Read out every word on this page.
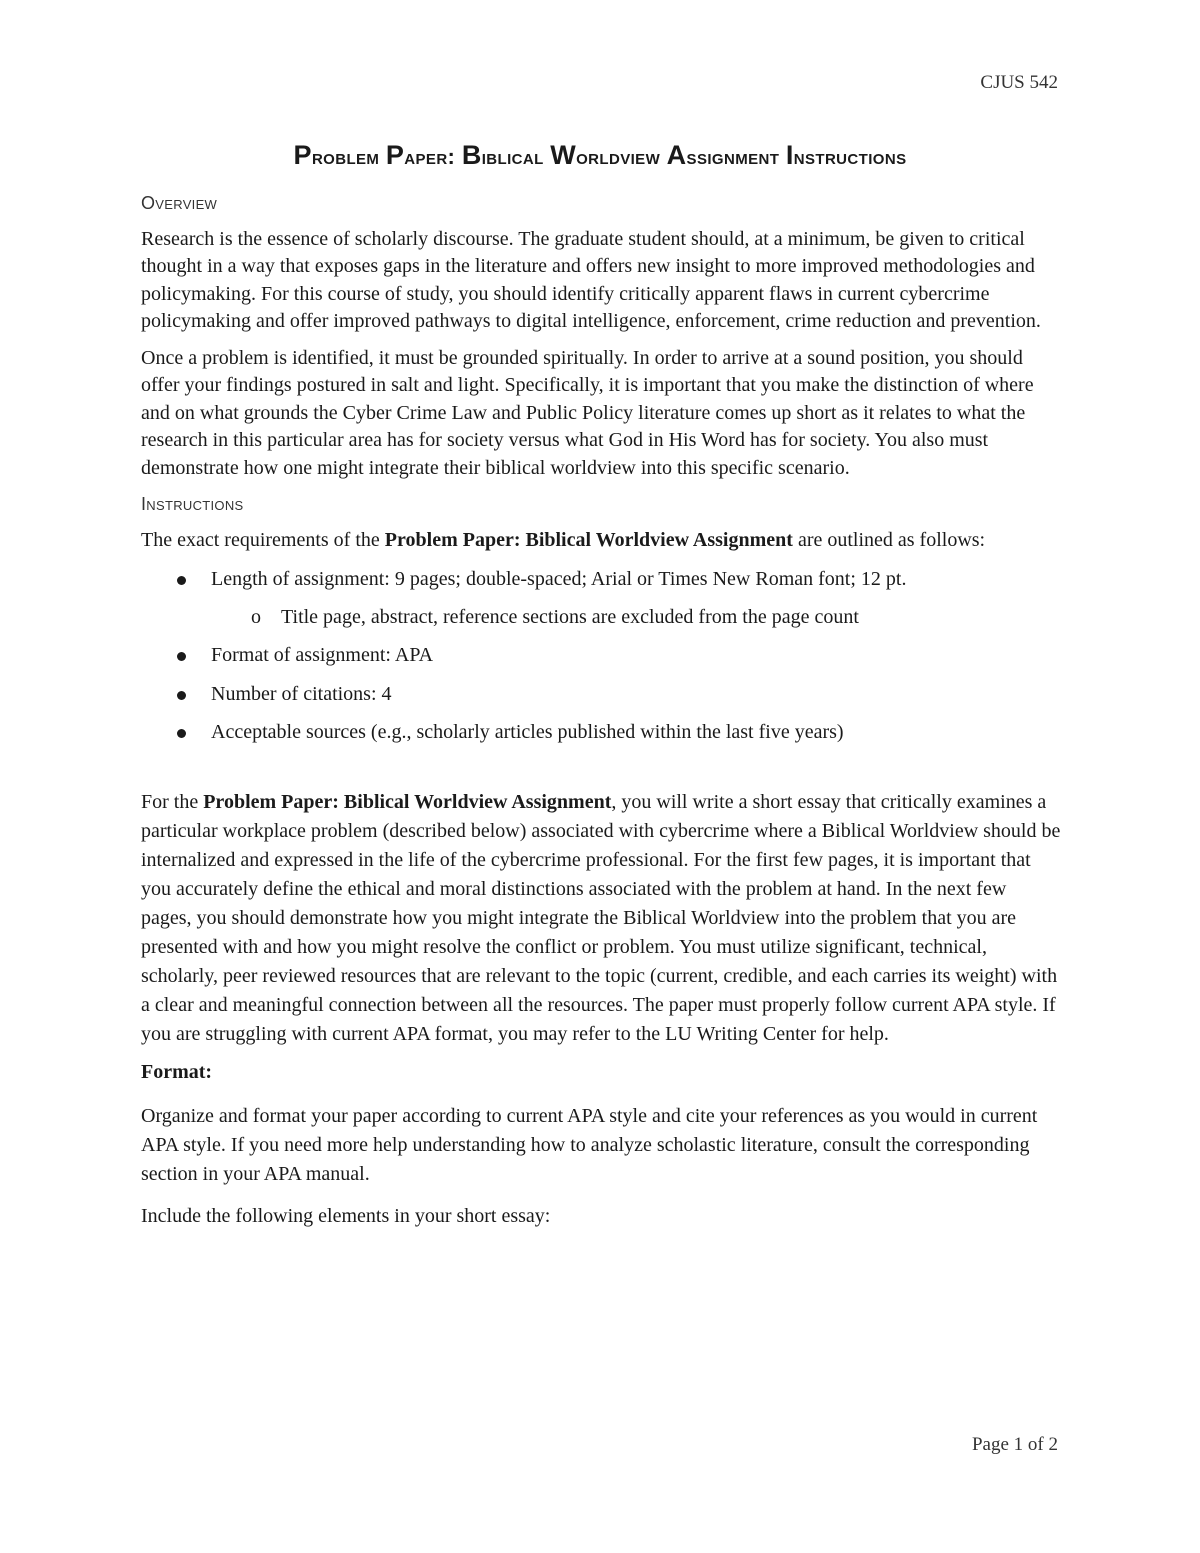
CJUS 542
Problem Paper: Biblical Worldview Assignment Instructions
Overview

Research is the essence of scholarly discourse. The graduate student should, at a minimum, be given to critical thought in a way that exposes gaps in the literature and offers new insight to more improved methodologies and policymaking. For this course of study, you should identify critically apparent flaws in current cybercrime policymaking and offer improved pathways to digital intelligence, enforcement, crime reduction and prevention.

Once a problem is identified, it must be grounded spiritually. In order to arrive at a sound position, you should offer your findings postured in salt and light. Specifically, it is important that you make the distinction of where and on what grounds the Cyber Crime Law and Public Policy literature comes up short as it relates to what the research in this particular area has for society versus what God in His Word has for society. You also must demonstrate how one might integrate their biblical worldview into this specific scenario.

Instructions

The exact requirements of the Problem Paper: Biblical Worldview Assignment are outlined as follows:

Length of assignment: 9 pages; double-spaced; Arial or Times New Roman font; 12 pt.
o Title page, abstract, reference sections are excluded from the page count
Format of assignment: APA
Number of citations: 4
Acceptable sources (e.g., scholarly articles published within the last five years)

For the Problem Paper: Biblical Worldview Assignment, you will write a short essay that critically examines a particular workplace problem (described below) associated with cybercrime where a Biblical Worldview should be internalized and expressed in the life of the cybercrime professional. For the first few pages, it is important that you accurately define the ethical and moral distinctions associated with the problem at hand. In the next few pages, you should demonstrate how you might integrate the Biblical Worldview into the problem that you are presented with and how you might resolve the conflict or problem. You must utilize significant, technical, scholarly, peer reviewed resources that are relevant to the topic (current, credible, and each carries its weight) with a clear and meaningful connection between all the resources. The paper must properly follow current APA style. If you are struggling with current APA format, you may refer to the LU Writing Center for help.

Format:

Organize and format your paper according to current APA style and cite your references as you would in current APA style. If you need more help understanding how to analyze scholastic literature, consult the corresponding section in your APA manual.

Include the following elements in your short essay:

Page 1 of 2
